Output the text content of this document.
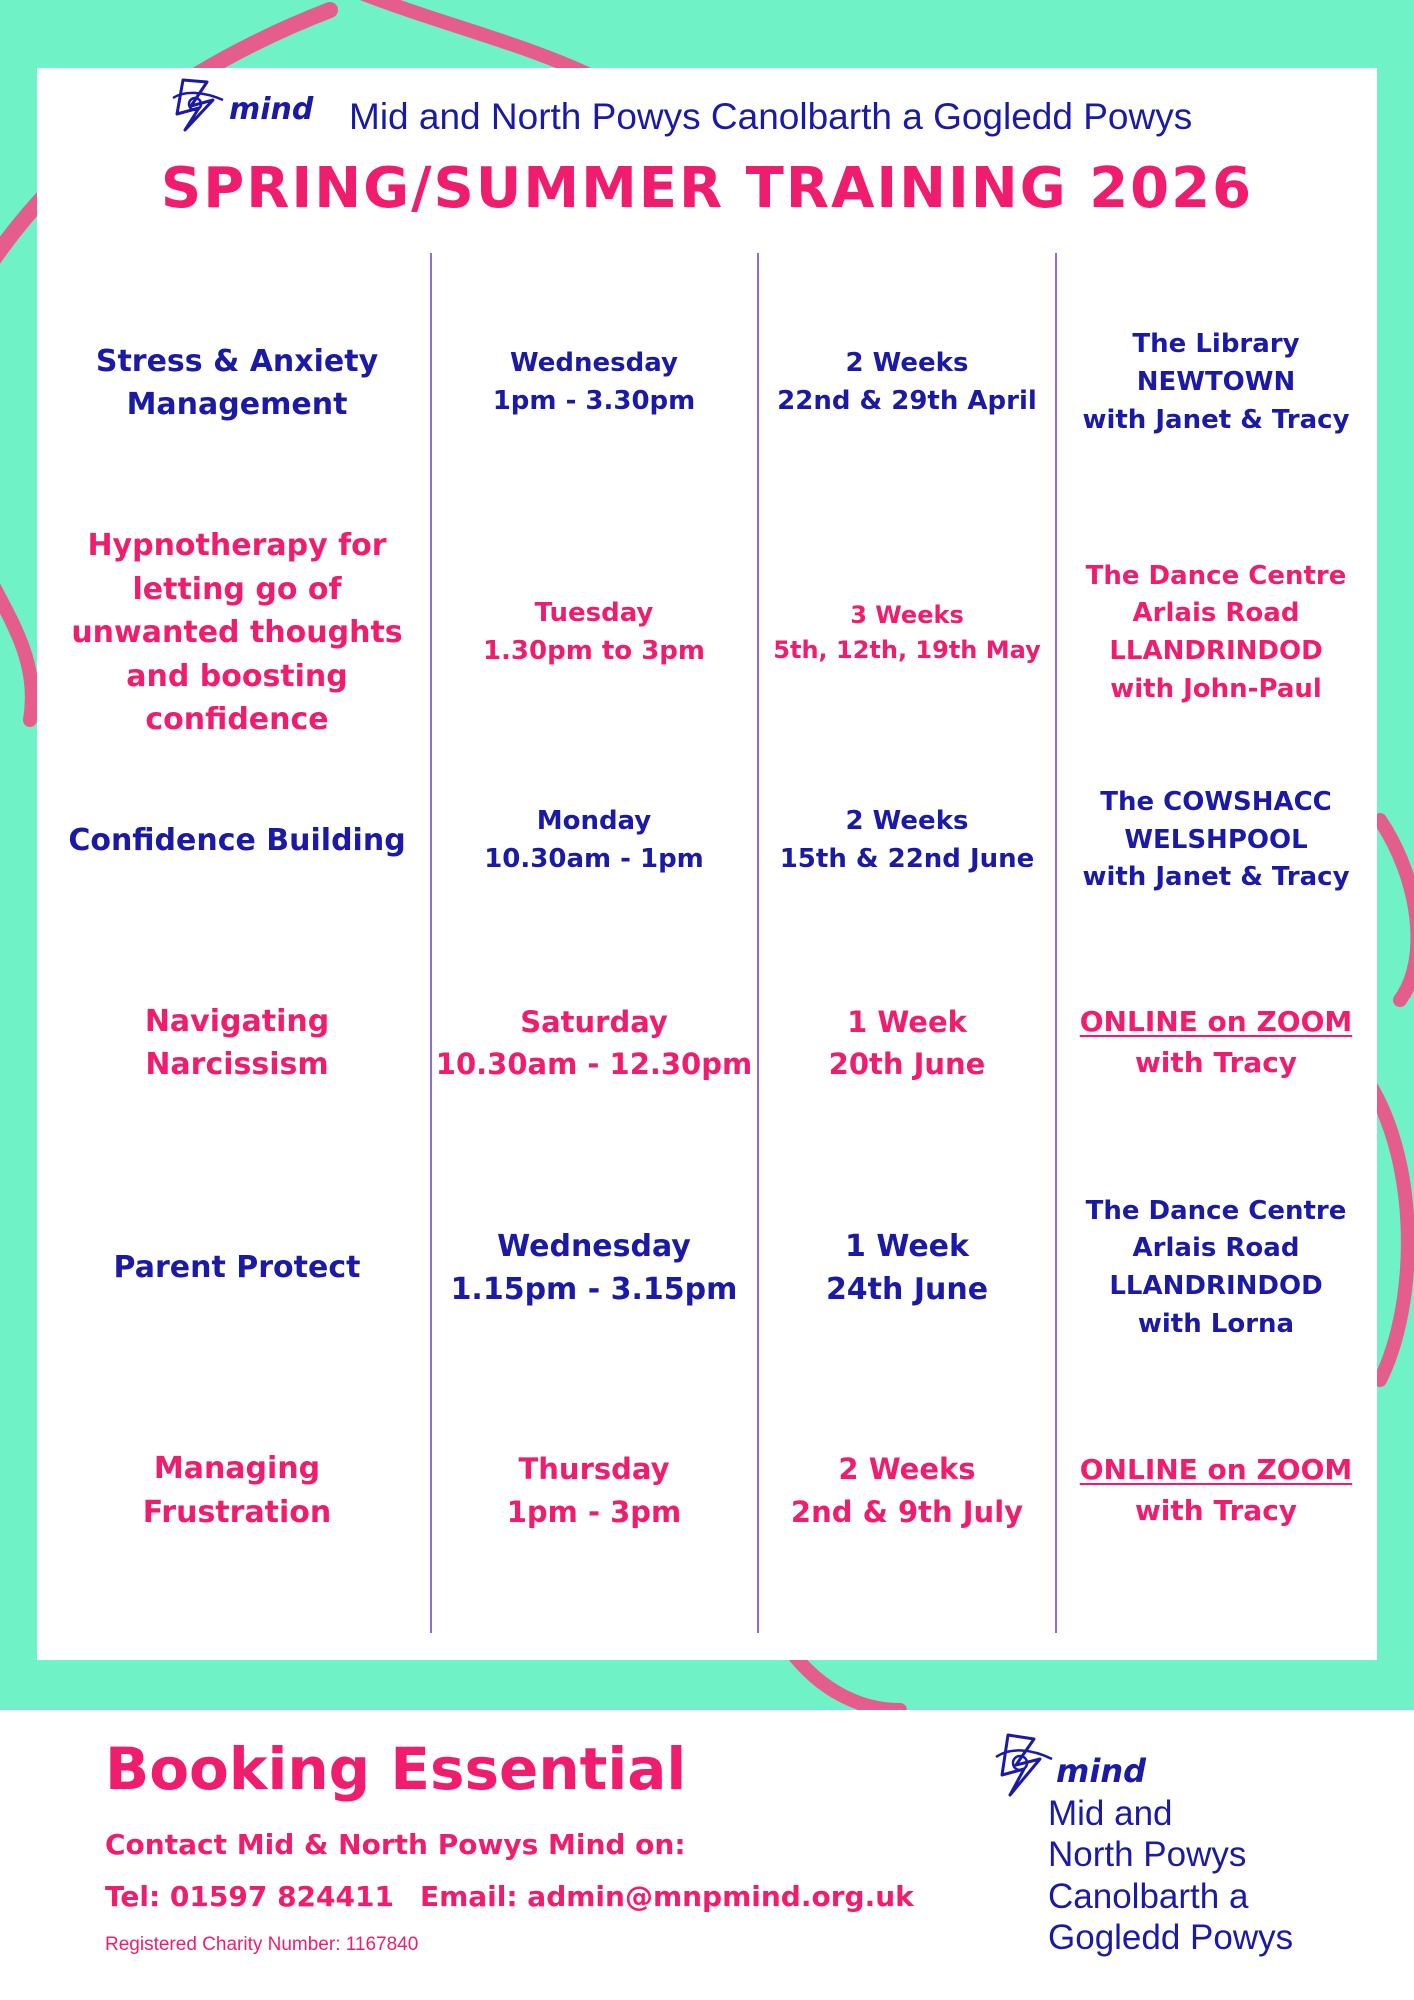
mind Mid and North Powys Canolbarth a Gogledd Powys
SPRING/SUMMER TRAINING 2026
Stress & Anxiety
Management
Wednesday
1pm - 3.30pm
2 Weeks
22nd & 29th April
The Library
NEWTOWN
with Janet & Tracy
Hypnotherapy for
letting go of
unwanted thoughts
and boosting
confidence
Tuesday
1.30pm to 3pm
3 Weeks
5th, 12th, 19th May
The Dance Centre
Arlais Road
LLANDRINDOD
with John-Paul
Confidence Building
Monday
10.30am - 1pm
2 Weeks
15th & 22nd June
The COWSHACC
WELSHPOOL
with Janet & Tracy
Navigating
Narcissism
Saturday
10.30am - 12.30pm
1 Week
20th June
ONLINE on ZOOM
with Tracy
Parent Protect
Wednesday
1.15pm - 3.15pm
1 Week
24th June
The Dance Centre
Arlais Road
LLANDRINDOD
with Lorna
Managing
Frustration
Thursday
1pm - 3pm
2 Weeks
2nd & 9th July
ONLINE on ZOOM
with Tracy
Booking Essential
Contact Mid & North Powys Mind on:
Tel: 01597 824411 Email: admin@mnpmind.org.uk
Registered Charity Number: 1167840
mind
Mid and
North Powys
Canolbarth a
Gogledd Powys
